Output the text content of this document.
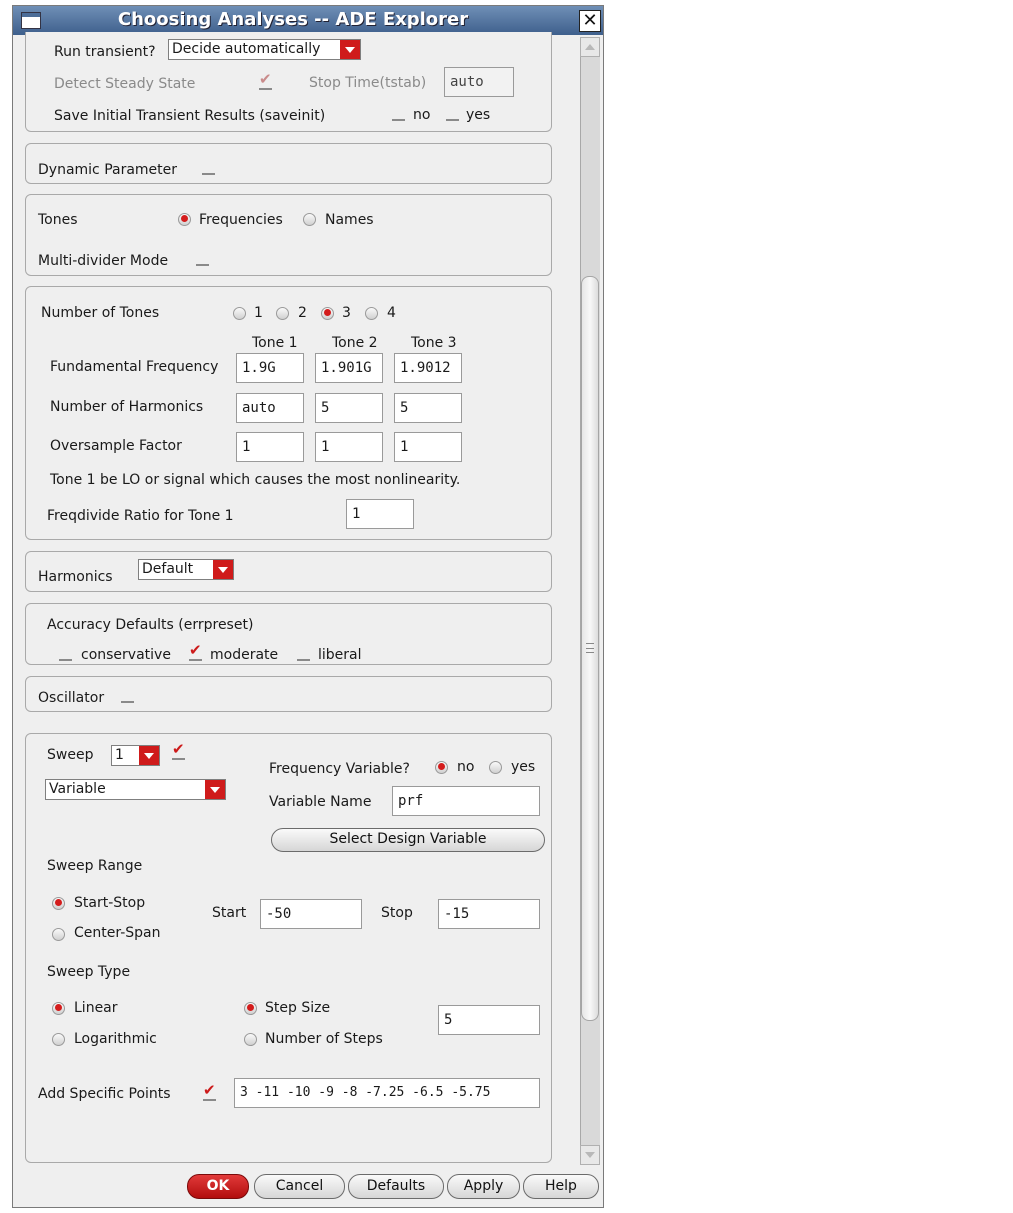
Choosing Analyses -- ADE Explorer	✕
Run transient? Decide automatically
Detect Steady State ✔	Stop Time(tstab)	auto
Save Initial Transient Results (saveinit)	no	yes
Dynamic Parameter
Tones	Frequencies	Names
Multi-divider Mode
Number of Tones	1	2	3	4
Tone 1 Tone 2 Tone 3
Fundamental Frequency	1.9G	1.901G	1.9012
Number of Harmonics	auto	5	5
Oversample Factor	1	1	1
Tone 1 be LO or signal which causes the most nonlinearity.
Freqdivide Ratio for Tone 1	1
Harmonics Default
Accuracy Defaults (errpreset)
conservative ✔	moderate	liberal
Oscillator
Sweep 1
✔
Variable
Frequency Variable?	no	yes
Variable Name	prf
Select Design Variable
Sweep Range
Start-Stop
Center-Span
Start	-50	Stop	-15
Sweep Type
Linear
Logarithmic
Step Size
Number of Steps
5
Add Specific Points ✔	3 -11 -10 -9 -8 -7.25 -6.5 -5.75
OK	Cancel	Defaults	Apply	Help
